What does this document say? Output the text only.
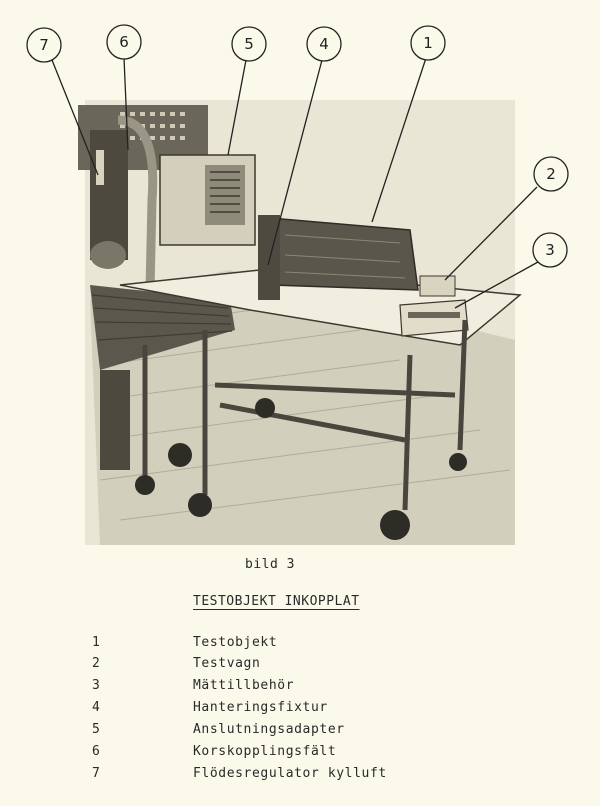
7	6	5	4	1
2
3
bild 3
TESTOBJEKT INKOPPLAT
1	Testobjekt
2	Testvagn
3	Mättillbehör
4	Hanteringsfixtur
5	Anslutningsadapter
6	Korskopplingsfält
7	Flödesregulator kylluft
